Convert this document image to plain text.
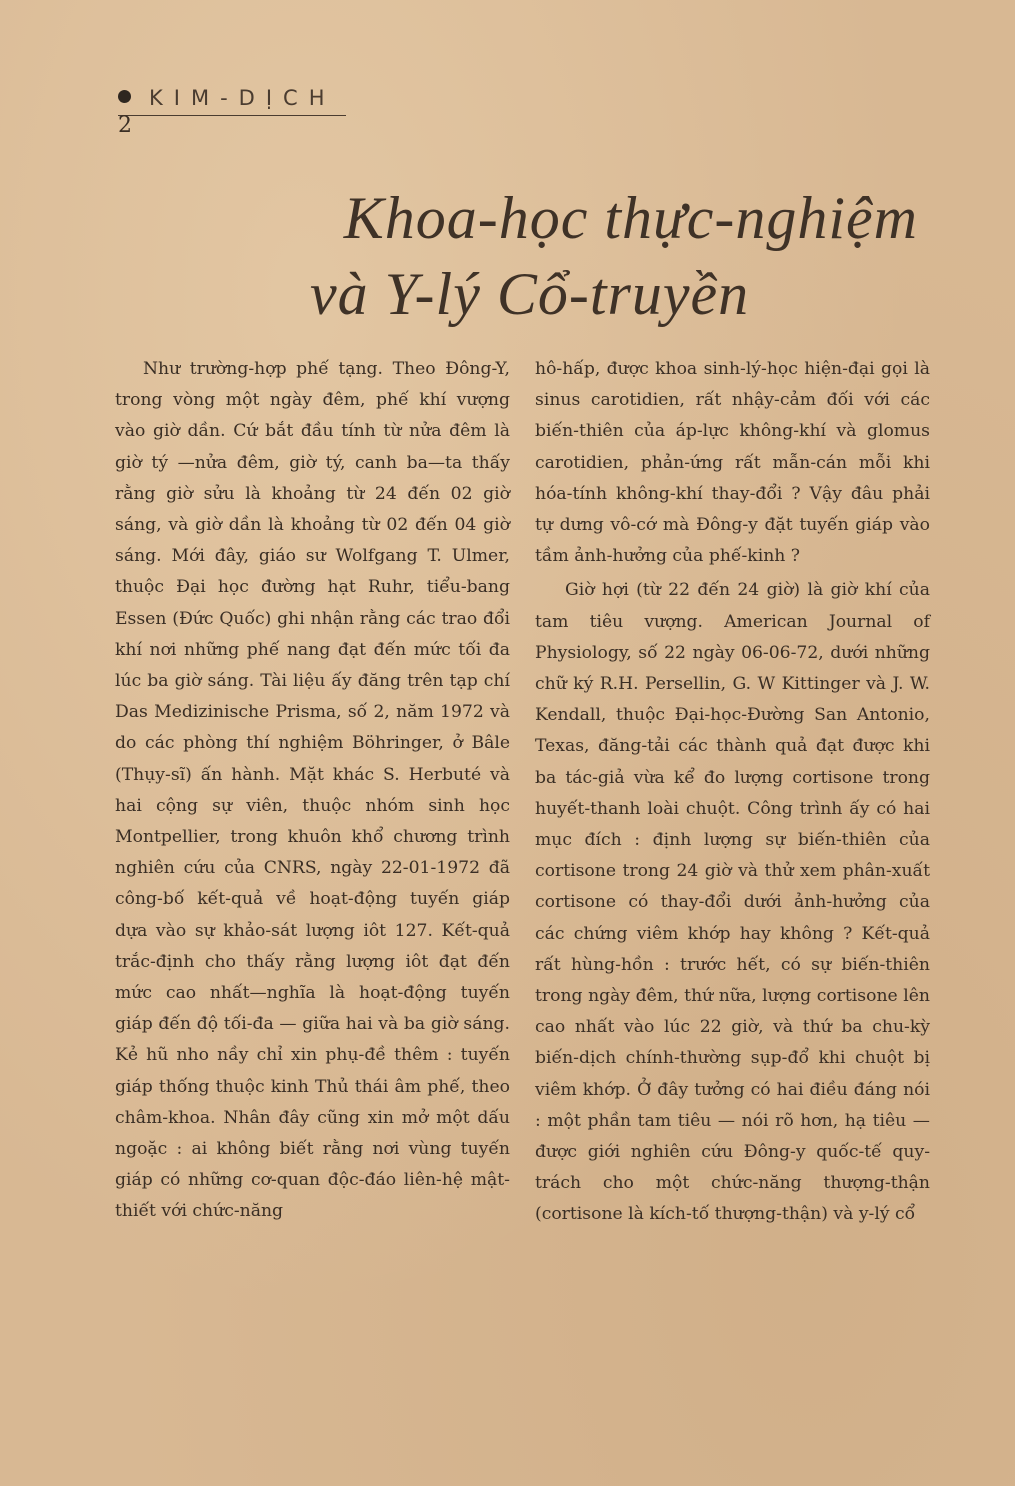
KIM-DỊCH
2
Khoa-học thực-nghiệm
và Y-lý Cổ-truyền

Như trường-hợp phế tạng. Theo Đông-Y, trong vòng một ngày đêm, phế khí vượng vào giờ dần. Cứ bắt đầu tính từ nửa đêm là giờ tý —nửa đêm, giờ tý, canh ba—ta thấy rằng giờ sửu là khoảng từ 24 đến 02 giờ sáng, và giờ dần là khoảng từ 02 đến 04 giờ sáng. Mới đây, giáo sư Wolfgang T. Ulmer, thuộc Đại học đường hạt Ruhr, tiểu-bang Essen (Đức Quốc) ghi nhận rằng các trao đổi khí nơi những phế nang đạt đến mức tối đa lúc ba giờ sáng. Tài liệu ấy đăng trên tạp chí Das Medizinische Prisma, số 2, năm 1972 và do các phòng thí nghiệm Böhringer, ở Bâle (Thụy-sĩ) ấn hành. Mặt khác S. Herbuté và hai cộng sự viên, thuộc nhóm sinh học Montpellier, trong khuôn khổ chương trình nghiên cứu của CNRS, ngày 22-01-1972 đã công-bố kết-quả về hoạt-động tuyến giáp dựa vào sự khảo-sát lượng iôt 127. Kết-quả trắc-định cho thấy rằng lượng iôt đạt đến mức cao nhất—nghĩa là hoạt-động tuyến giáp đến độ tối-đa — giữa hai và ba giờ sáng. Kẻ hũ nho nầy chỉ xin phụ-đề thêm : tuyến giáp thống thuộc kinh Thủ thái âm phế, theo châm-khoa. Nhân đây cũng xin mở một dấu ngoặc : ai không biết rằng nơi vùng tuyến giáp có những cơ-quan độc-đáo liên-hệ mật-thiết với chức-năng

hô-hấp, được khoa sinh-lý-học hiện-đại gọi là sinus carotidien, rất nhậy-cảm đối với các biến-thiên của áp-lực không-khí và glomus carotidien, phản-ứng rất mẫn-cán mỗi khi hóa-tính không-khí thay-đổi ? Vậy đâu phải tự dưng vô-cớ mà Đông-y đặt tuyến giáp vào tầm ảnh-hưởng của phế-kinh ?

Giờ hợi (từ 22 đến 24 giờ) là giờ khí của tam tiêu vượng. American Journal of Physiology, số 22 ngày 06-06-72, dưới những chữ ký R.H. Persellin, G. W Kittinger và J. W. Kendall, thuộc Đại-học-Đường San Antonio, Texas, đăng-tải các thành quả đạt được khi ba tác-giả vừa kể đo lượng cortisone trong huyết-thanh loài chuột. Công trình ấy có hai mục đích : định lượng sự biến-thiên của cortisone trong 24 giờ và thử xem phân-xuất cortisone có thay-đổi dưới ảnh-hưởng của các chứng viêm khớp hay không ? Kết-quả rất hùng-hồn : trước hết, có sự biến-thiên trong ngày đêm, thứ nữa, lượng cortisone lên cao nhất vào lúc 22 giờ, và thứ ba chu-kỳ biến-dịch chính-thường sụp-đổ khi chuột bị viêm khớp. Ở đây tưởng có hai điều đáng nói : một phần tam tiêu — nói rõ hơn, hạ tiêu — được giới nghiên cứu Đông-y quốc-tế quy-trách cho một chức-năng thượng-thận (cortisone là kích-tố thượng-thận) và y-lý cổ
